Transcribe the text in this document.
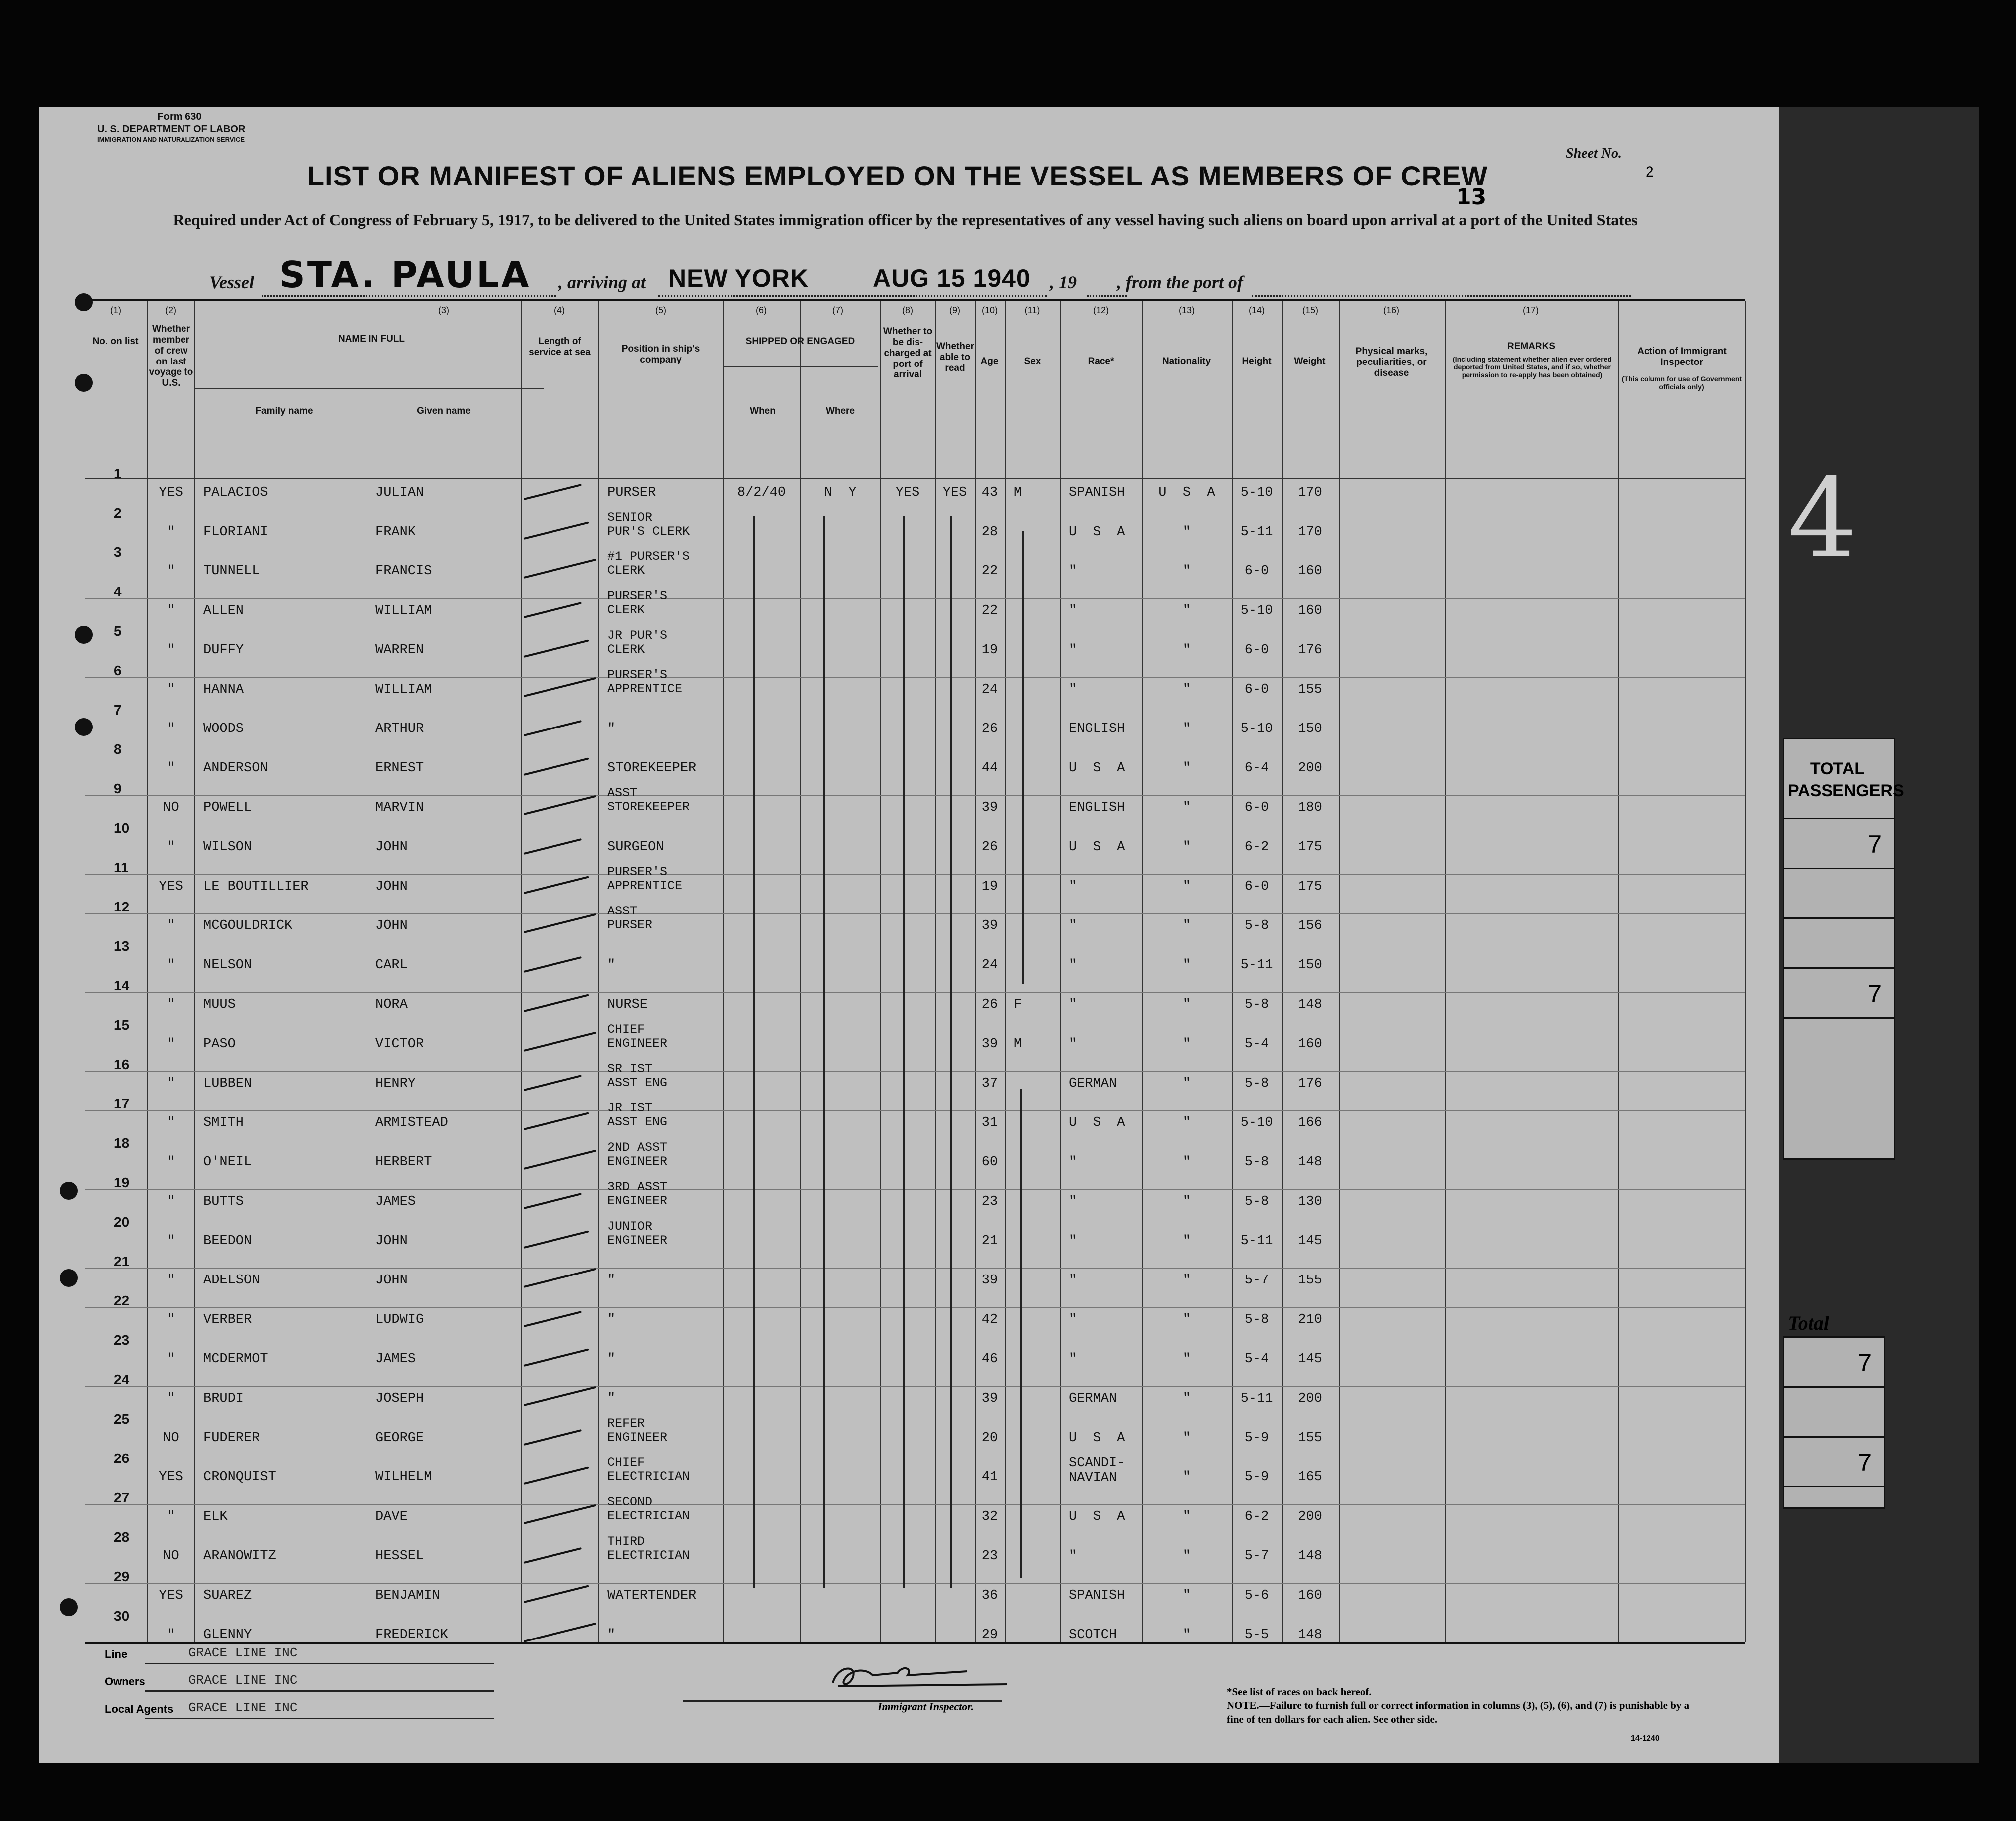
4
7
7
TOTAL PASSENGERS
Total
7
7
Form 630
U. S. DEPARTMENT OF LABOR
IMMIGRATION AND NATURALIZATION SERVICE
LIST OR MANIFEST OF ALIENS EMPLOYED ON THE VESSEL AS MEMBERS OF CREW
Required under Act of Congress of February 5, 1917, to be delivered to the United States immigration officer by the representatives of any vessel having such aliens on board upon arrival at a port of the United States
Sheet No.
2
13
Vessel STA. PAULA , arriving at NEW YORK	AUG 15 1940 , 19 , from the port of
(1)	(2)	(3)	(4)	(5)	(6)	(7)	(8)	(9)	(10)	(11)	(12)	(13)	(14)	(15)	(16)	(17)
No. on list
Whether member of crew on last voyage to U.S.
NAME IN FULL
Family name	Given name
Length of service at sea	Position in ship's company
SHIPPED OR ENGAGED
When	Where
Whether to be dis-charged at port of arrival
Whether able to read
Age	Sex	Race*	Nationality	Height	Weight
Physical marks, peculiarities, or disease
REMARKS
(Including statement whether alien ever ordered deported from United States, and if so, whether permission to re-apply has been obtained)
Action of Immigrant Inspector
(This column for use of Government officials only)
1
YES	PALACIOS	JULIAN	PURSER	8/2/40	N  Y	YES	YES	43	M	SPANISH	U  S  A	5-10	170
2
"	FLORIANI	FRANK
SENIOR
PUR'S CLERK	28	U  S  A	"	5-11	170
3
"	TUNNELL	FRANCIS
#1 PURSER'S
CLERK	22	"	"	6-0	160
4
"	ALLEN	WILLIAM
PURSER'S
CLERK	22	"	"	5-10	160
5
"	DUFFY	WARREN
JR PUR'S
CLERK	19	"	"	6-0	176
6
"	HANNA	WILLIAM
PURSER'S
APPRENTICE	24	"	"	6-0	155
7
"	WOODS	ARTHUR	"	26	ENGLISH	"	5-10	150
8
"	ANDERSON	ERNEST	STOREKEEPER	44	U  S  A	"	6-4	200
9
NO	POWELL	MARVIN
ASST
STOREKEEPER	39	ENGLISH	"	6-0	180
10
"	WILSON	JOHN	SURGEON	26	U  S  A	"	6-2	175
11
YES	LE BOUTILLIER	JOHN
PURSER'S
APPRENTICE	19	"	"	6-0	175
12
"	MCGOULDRICK	JOHN
ASST
PURSER	39	"	"	5-8	156
13
"	NELSON	CARL	"	24	"	"	5-11	150
14
"	MUUS	NORA	NURSE	26	F	"	"	5-8	148
15
"	PASO	VICTOR
CHIEF
ENGINEER	39	M	"	"	5-4	160
16
"	LUBBEN	HENRY
SR IST
ASST ENG	37	GERMAN	"	5-8	176
17
"	SMITH	ARMISTEAD
JR IST
ASST ENG	31	U  S  A	"	5-10	166
18
"	O'NEIL	HERBERT
2ND ASST
ENGINEER	60	"	"	5-8	148
19
"	BUTTS	JAMES
3RD ASST
ENGINEER	23	"	"	5-8	130
20
"	BEEDON	JOHN
JUNIOR
ENGINEER	21	"	"	5-11	145
21
"	ADELSON	JOHN	"	39	"	"	5-7	155
22
"	VERBER	LUDWIG	"	42	"	"	5-8	210
23
"	MCDERMOT	JAMES	"	46	"	"	5-4	145
24
"	BRUDI	JOSEPH	"	39	GERMAN	"	5-11	200
25
NO	FUDERER	GEORGE
REFER
ENGINEER	20	U  S  A	"	5-9	155
26
YES	CRONQUIST	WILHELM
CHIEF
ELECTRICIAN	41
SCANDI-
NAVIAN	"	5-9	165
27
"	ELK	DAVE
SECOND
ELECTRICIAN	32	U  S  A	"	6-2	200
28
NO	ARANOWITZ	HESSEL
THIRD
ELECTRICIAN	23	"	"	5-7	148
29
YES	SUAREZ	BENJAMIN	WATERTENDER	36	SPANISH	"	5-6	160
30
"	GLENNY	FREDERICK	"	29	SCOTCH	"	5-5	148
Line	GRACE LINE INC
Owners	GRACE LINE INC
Local Agents GRACE LINE INC	Immigrant Inspector.
*See list of races on back hereof.
NOTE.—Failure to furnish full or correct information in columns (3), (5), (6), and (7) is punishable by a fine of ten dollars for each alien. See other side.
14-1240
